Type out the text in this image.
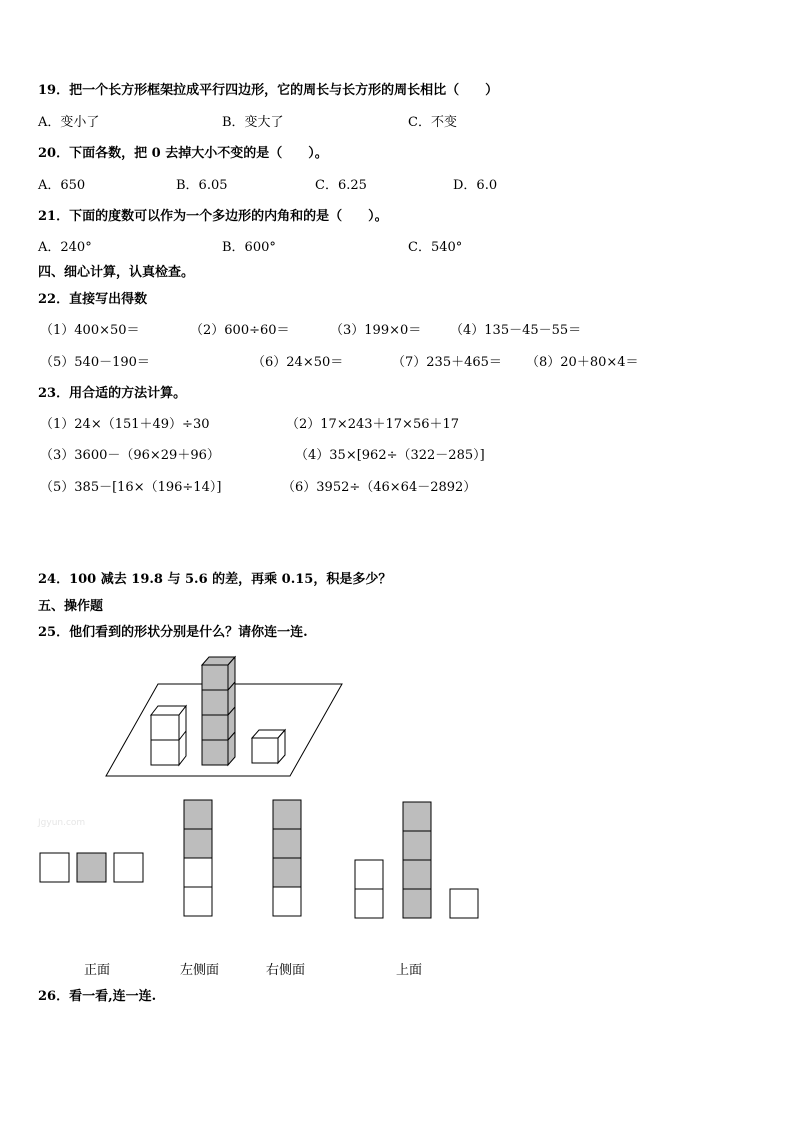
19．把一个长方形框架拉成平行四边形，它的周长与长方形的周长相比（　　）
A．变小了	B．变大了	C．不变
20．下面各数，把 0 去掉大小不变的是（　　）。
A．650	B．6.05	C．6.25	D．6.0
21．下面的度数可以作为一个多边形的内角和的是（　　）。
A．240°	B．600°	C．540°
四、细心计算，认真检查。
22．直接写出得数
（1）400×50＝	（2）600÷60＝	（3）199×0＝ （4）135－45－55＝
（5）540－190＝	（6）24×50＝	（7）235＋465＝ （8）20＋80×4＝
23．用合适的方法计算。
（1）24×（151＋49）÷30	（2）17×243＋17×56＋17
（3）3600－（96×29＋96）	（4）35×[962÷（322－285）]
（5）385－[16×（196÷14）]	（6）3952÷（46×64－2892）
24．100 减去 19.8 与 5.6 的差，再乘 0.15，积是多少？
五、操作题
25．他们看到的形状分别是什么？请你连一连.
Jgyun.com
正面	左侧面	右侧面	上面
26．看一看,连一连.
